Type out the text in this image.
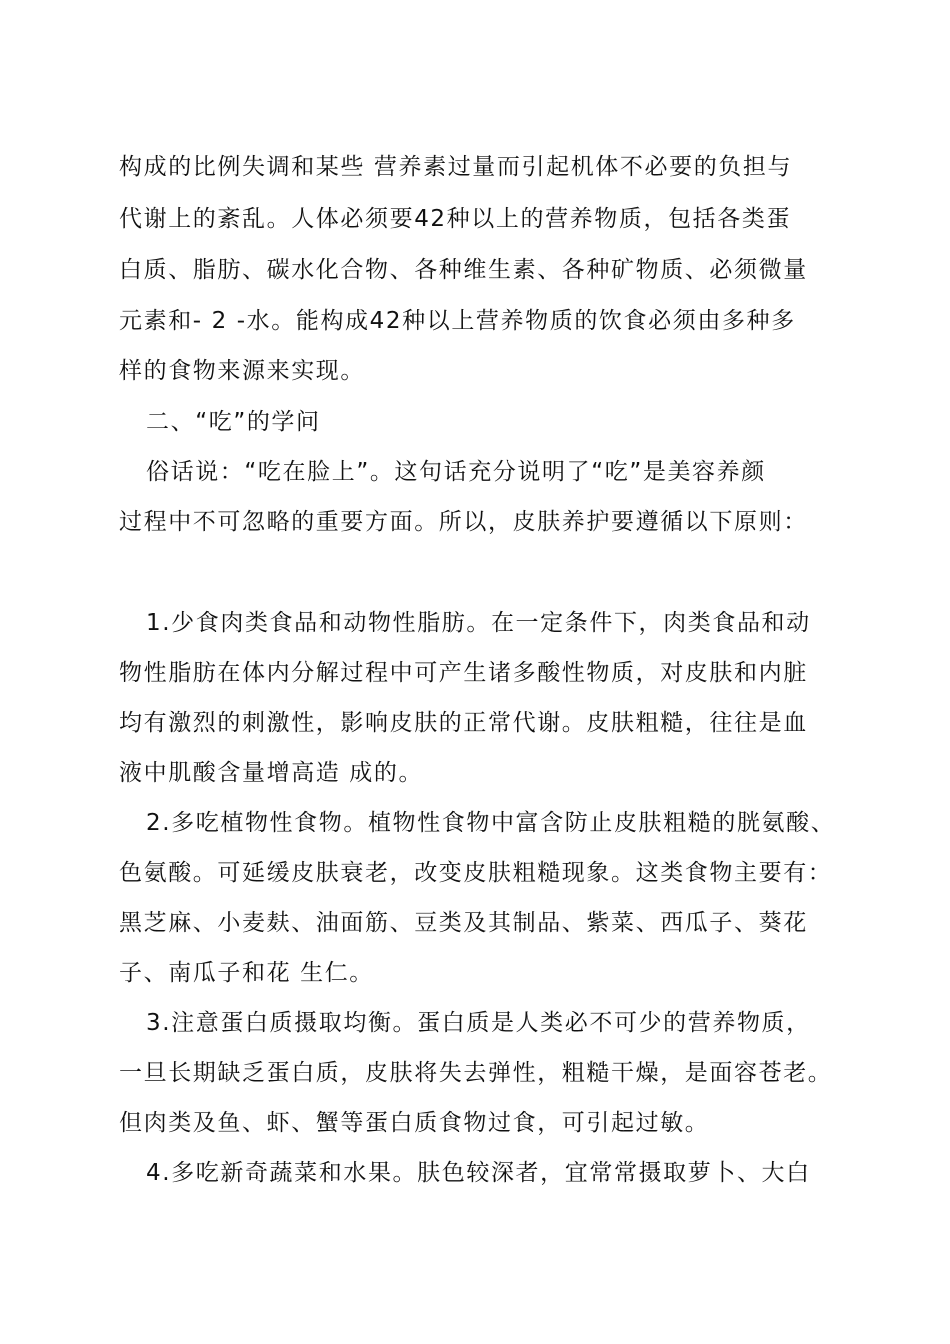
构成的比例失调和某些 营养素过量而引起机体不必要的负担与
代谢上的紊乱。人体必须要42种以上的营养物质，包括各类蛋
白质、脂肪、碳水化合物、各种维生素、各种矿物质、必须微量
元素和- 2 -水。能构成42种以上营养物质的饮食必须由多种多
样的食物来源来实现。
二、“吃”的学问
俗话说：“吃在脸上”。这句话充分说明了“吃”是美容养颜
过程中不可忽略的重要方面。所以，皮肤养护要遵循以下原则：
1.少食肉类食品和动物性脂肪。在一定条件下，肉类食品和动
物性脂肪在体内分解过程中可产生诸多酸性物质，对皮肤和内脏
均有激烈的刺激性，影响皮肤的正常代谢。皮肤粗糙，往往是血
液中肌酸含量增高造 成的。
2.多吃植物性食物。植物性食物中富含防止皮肤粗糙的胱氨酸、
色氨酸。可延缓皮肤衰老，改变皮肤粗糙现象。这类食物主要有：
黑芝麻、小麦麸、油面筋、豆类及其制品、紫菜、西瓜子、葵花
子、南瓜子和花 生仁。
3.注意蛋白质摄取均衡。蛋白质是人类必不可少的营养物质，
一旦长期缺乏蛋白质，皮肤将失去弹性，粗糙干燥，是面容苍老。
但肉类及鱼、虾、蟹等蛋白质食物过食，可引起过敏。
4.多吃新奇蔬菜和水果。肤色较深者，宜常常摄取萝卜、大白
